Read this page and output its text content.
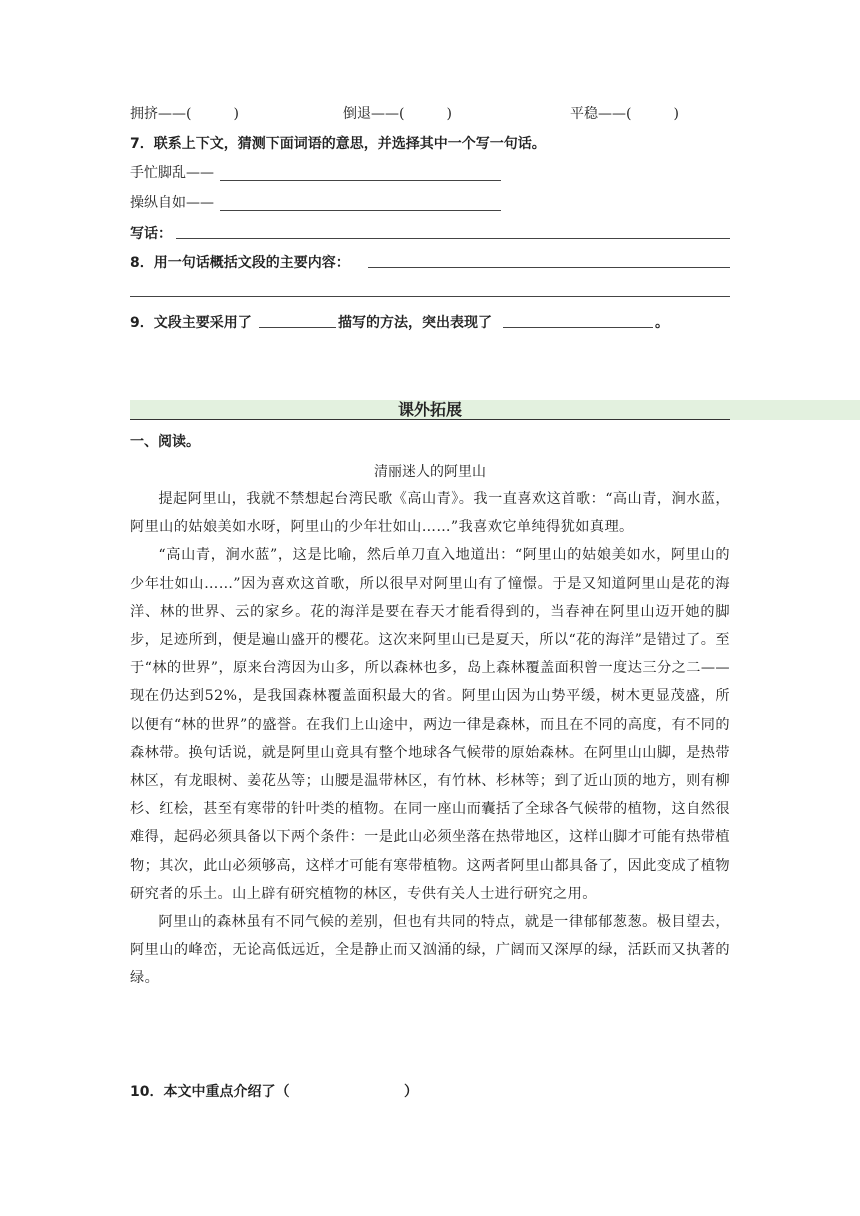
拥挤——(　　　)	倒退——(　　　)	平稳——(　　　)
7．联系上下文，猜测下面词语的意思，并选择其中一个写一句话。
手忙脚乱——
操纵自如——
写话：
8．用一句话概括文段的主要内容：
9．文段主要采用了	描写的方法，突出表现了	。
课外拓展
一、阅读。
清丽迷人的阿里山

提起阿里山，我就不禁想起台湾民歌《高山青》。我一直喜欢这首歌：“高山青，涧水蓝，阿里山的姑娘美如水呀，阿里山的少年壮如山……”我喜欢它单纯得犹如真理。

“高山青，涧水蓝”，这是比喻，然后单刀直入地道出：“阿里山的姑娘美如水，阿里山的少年壮如山……”因为喜欢这首歌，所以很早对阿里山有了憧憬。于是又知道阿里山是花的海洋、林的世界、云的家乡。花的海洋是要在春天才能看得到的，当春神在阿里山迈开她的脚步，足迹所到，便是遍山盛开的樱花。这次来阿里山已是夏天，所以“花的海洋”是错过了。至于“林的世界”，原来台湾因为山多，所以森林也多，岛上森林覆盖面积曾一度达三分之二——现在仍达到52%，是我国森林覆盖面积最大的省。阿里山因为山势平缓，树木更显茂盛，所以便有“林的世界”的盛誉。在我们上山途中，两边一律是森林，而且在不同的高度，有不同的森林带。换句话说，就是阿里山竟具有整个地球各气候带的原始森林。在阿里山山脚，是热带林区，有龙眼树、姜花丛等；山腰是温带林区，有竹林、杉林等；到了近山顶的地方，则有柳杉、红桧，甚至有寒带的针叶类的植物。在同一座山而囊括了全球各气候带的植物，这自然很难得，起码必须具备以下两个条件：一是此山必须坐落在热带地区，这样山脚才可能有热带植物；其次，此山必须够高，这样才可能有寒带植物。这两者阿里山都具备了，因此变成了植物研究者的乐土。山上辟有研究植物的林区，专供有关人士进行研究之用。

阿里山的森林虽有不同气候的差别，但也有共同的特点，就是一律郁郁葱葱。极目望去，阿里山的峰峦，无论高低远近，全是静止而又汹涌的绿，广阔而又深厚的绿，活跃而又执著的绿。

10．本文中重点介绍了（	）
